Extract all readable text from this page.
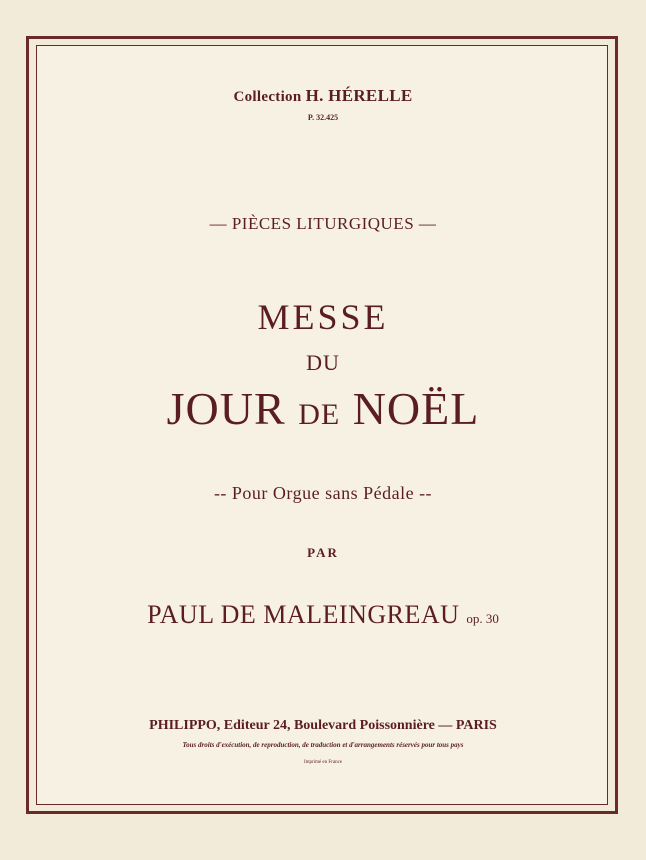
Collection H. HÉRELLE
P. 32.425
— PIÈCES LITURGIQUES —
MESSE
DU
JOUR DE NOËL
-- Pour Orgue sans Pédale --
PAR
PAUL DE MALEINGREAU op. 30
PHILIPPO, Editeur 24, Boulevard Poissonnière — PARIS
Tous droits d'exécution, de reproduction, de traduction et d'arrangements réservés pour tous pays
Imprimé en France
